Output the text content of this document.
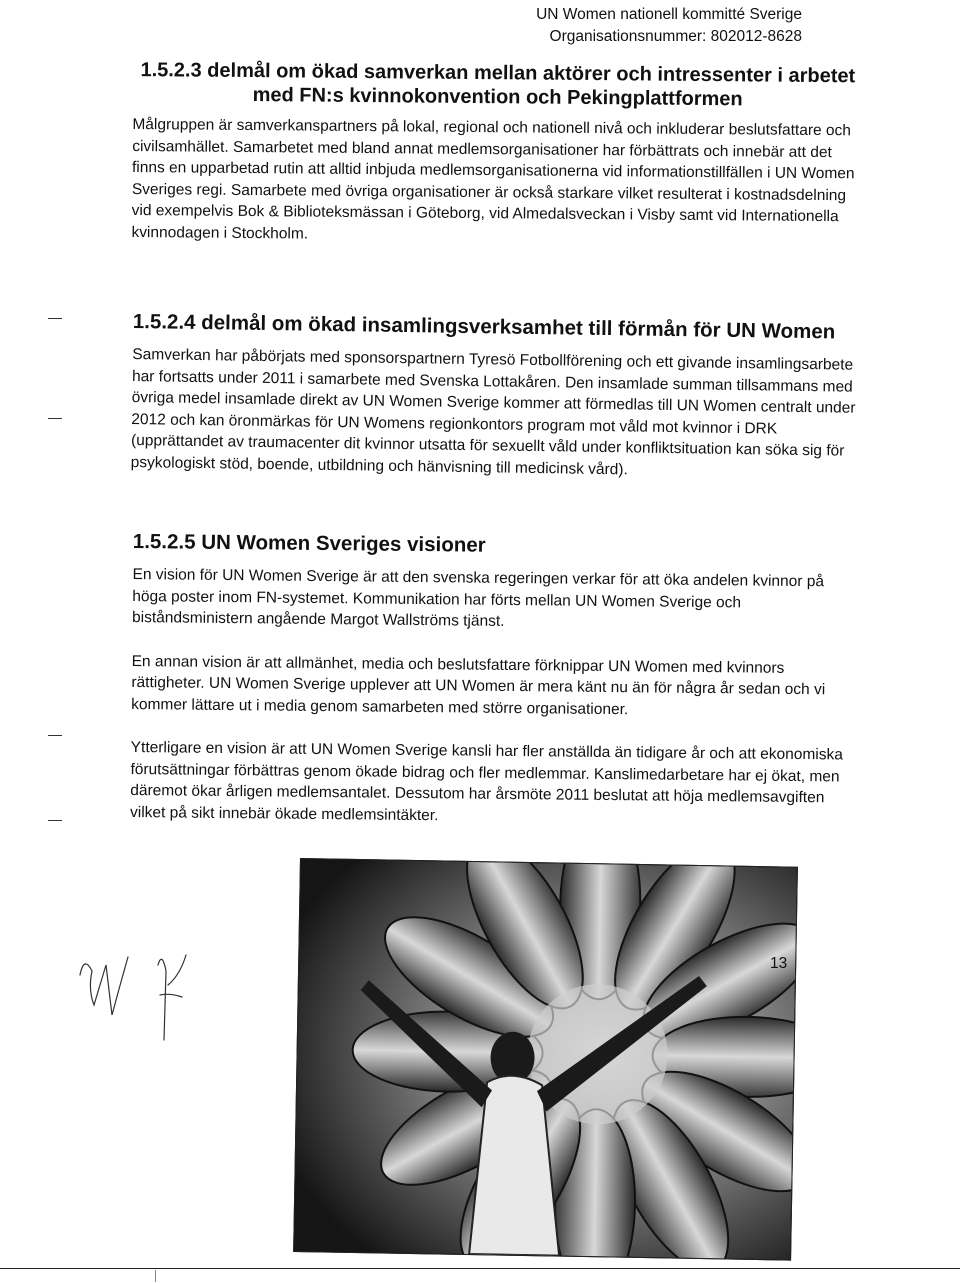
UN Women nationell kommitté Sverige
Organisationsnummer: 802012-8628
1.5.2.3 delmål om ökad samverkan mellan aktörer och intressenter i arbetet
med FN:s kvinnokonvention och Pekingplattformen

Målgruppen är samverkanspartners på lokal, regional och nationell nivå och inkluderar beslutsfattare och civilsamhället. Samarbetet med bland annat medlemsorganisationer har förbättrats och innebär att det finns en upparbetad rutin att alltid inbjuda medlemsorganisationerna vid informationstillfällen i UN Women Sveriges regi. Samarbete med övriga organisationer är också starkare vilket resulterat i kostnadsdelning vid exempelvis Bok & Biblioteksmässan i Göteborg, vid Almedalsveckan i Visby samt vid Internationella kvinnodagen i Stockholm.

1.5.2.4 delmål om ökad insamlingsverksamhet till förmån för UN Women

Samverkan har påbörjats med sponsorspartnern Tyresö Fotbollförening och ett givande insamlingsarbete har fortsatts under 2011 i samarbete med Svenska Lottakåren. Den insamlade summan tillsammans med övriga medel insamlade direkt av UN Women Sverige kommer att förmedlas till UN Women centralt under 2012 och kan öronmärkas för UN Womens regionkontors program mot våld mot kvinnor i DRK (upprättandet av traumacenter dit kvinnor utsatta för sexuellt våld under konfliktsituation kan söka sig för psykologiskt stöd, boende, utbildning och hänvisning till medicinsk vård).

1.5.2.5 UN Women Sveriges visioner

En vision för UN Women Sverige är att den svenska regeringen verkar för att öka andelen kvinnor på höga poster inom FN-systemet. Kommunikation har förts mellan UN Women Sverige och biståndsministern angående Margot Wallströms tjänst.

En annan vision är att allmänhet, media och beslutsfattare förknippar UN Women med kvinnors rättigheter. UN Women Sverige upplever att UN Women är mera känt nu än för några år sedan och vi kommer lättare ut i media genom samarbeten med större organisationer.

Ytterligare en vision är att UN Women Sverige kansli har fler anställda än tidigare år och att ekonomiska förutsättningar förbättras genom ökade bidrag och fler medlemmar. Kanslimedarbetare har ej ökat, men däremot ökar årligen medlemsantalet. Dessutom har årsmöte 2011 beslutat att höja medlemsavgiften vilket på sikt innebär ökade medlemsintäkter.

13
